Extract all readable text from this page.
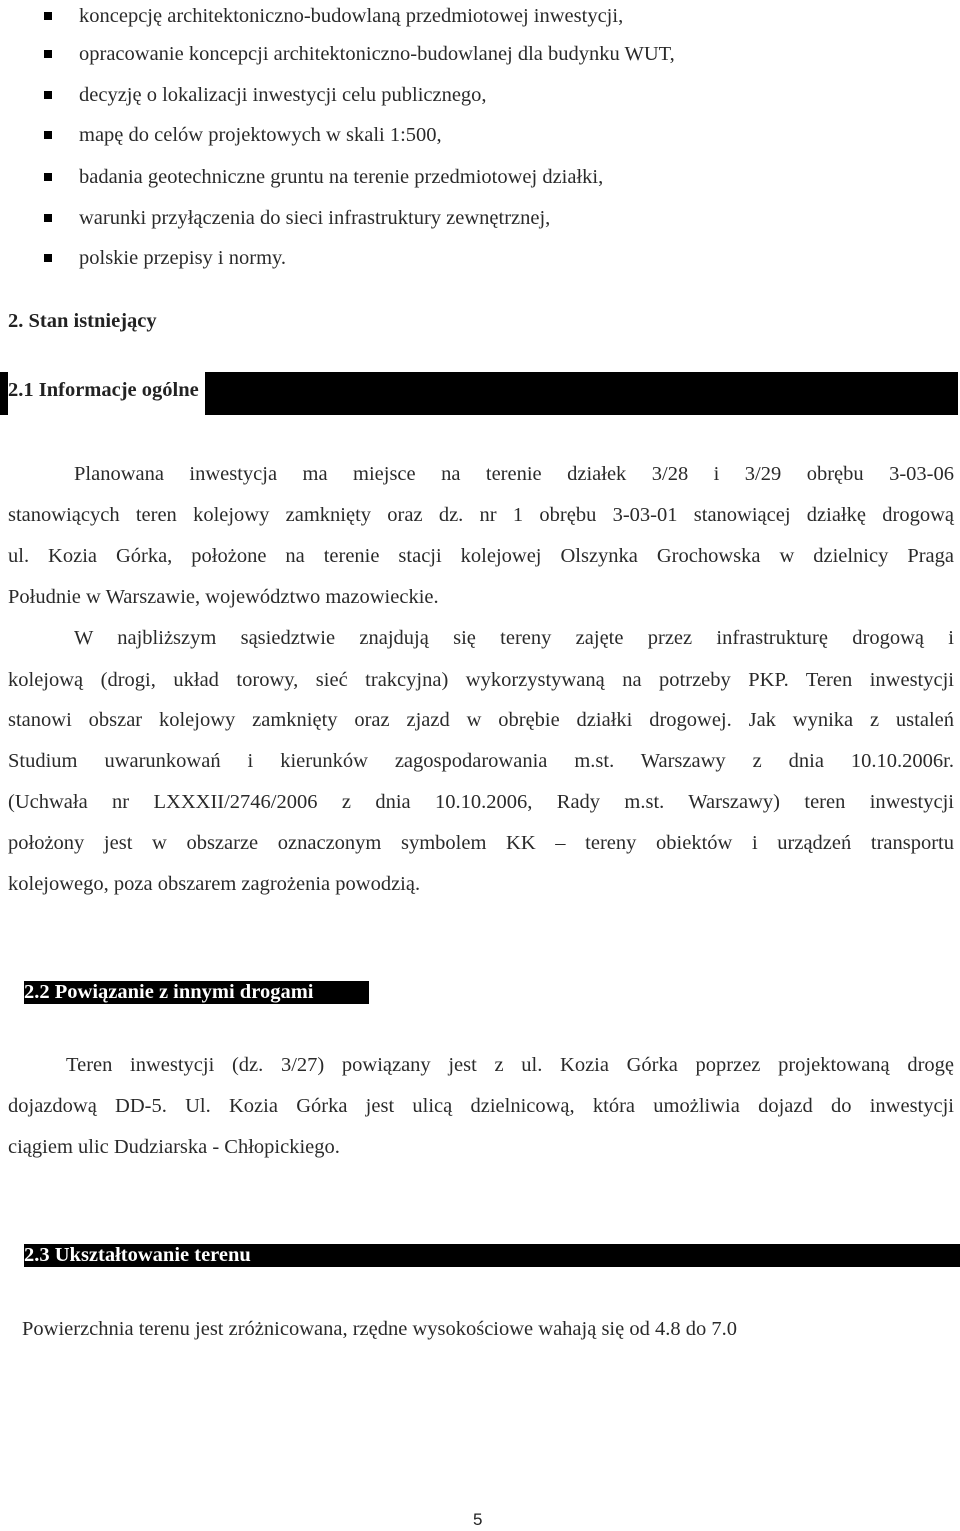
koncepcję architektoniczno-budowlaną przedmiotowej inwestycji,
opracowanie koncepcji architektoniczno-budowlanej dla budynku WUT,
decyzję o lokalizacji inwestycji celu publicznego,
mapę do celów projektowych w skali 1:500,
badania geotechniczne gruntu na terenie przedmiotowej działki,
warunki przyłączenia do sieci infrastruktury zewnętrznej,
polskie przepisy i normy.
2. Stan istniejący
2.1 Informacje ogólne
Planowana inwestycja ma miejsce na terenie działek 3/28 i 3/29 obrębu 3-03-06
stanowiących teren kolejowy zamknięty oraz dz. nr 1 obrębu 3-03-01 stanowiącej działkę drogową
ul. Kozia Górka, położone na terenie stacji kolejowej Olszynka Grochowska w dzielnicy Praga
Południe w Warszawie, województwo mazowieckie.
W najbliższym sąsiedztwie znajdują się tereny zajęte przez infrastrukturę drogową i
kolejową (drogi, układ torowy, sieć trakcyjna) wykorzystywaną na potrzeby PKP. Teren inwestycji
stanowi obszar kolejowy zamknięty oraz zjazd w obrębie działki drogowej. Jak wynika z ustaleń
Studium uwarunkowań i kierunków zagospodarowania m.st. Warszawy z dnia 10.10.2006r.
(Uchwała nr LXXXII/2746/2006 z dnia 10.10.2006, Rady m.st. Warszawy) teren inwestycji
położony jest w obszarze oznaczonym symbolem KK – tereny obiektów i urządzeń transportu
kolejowego, poza obszarem zagrożenia powodzią.
2.2 Powiązanie z innymi drogami
Teren inwestycji (dz. 3/27) powiązany jest z ul. Kozia Górka poprzez projektowaną drogę
dojazdową DD-5. Ul. Kozia Górka jest ulicą dzielnicową, która umożliwia dojazd do inwestycji
ciągiem ulic Dudziarska - Chłopickiego.
2.3 Ukształtowanie terenu
Powierzchnia terenu jest zróżnicowana, rzędne wysokościowe wahają się od 4.8 do 7.0
5
